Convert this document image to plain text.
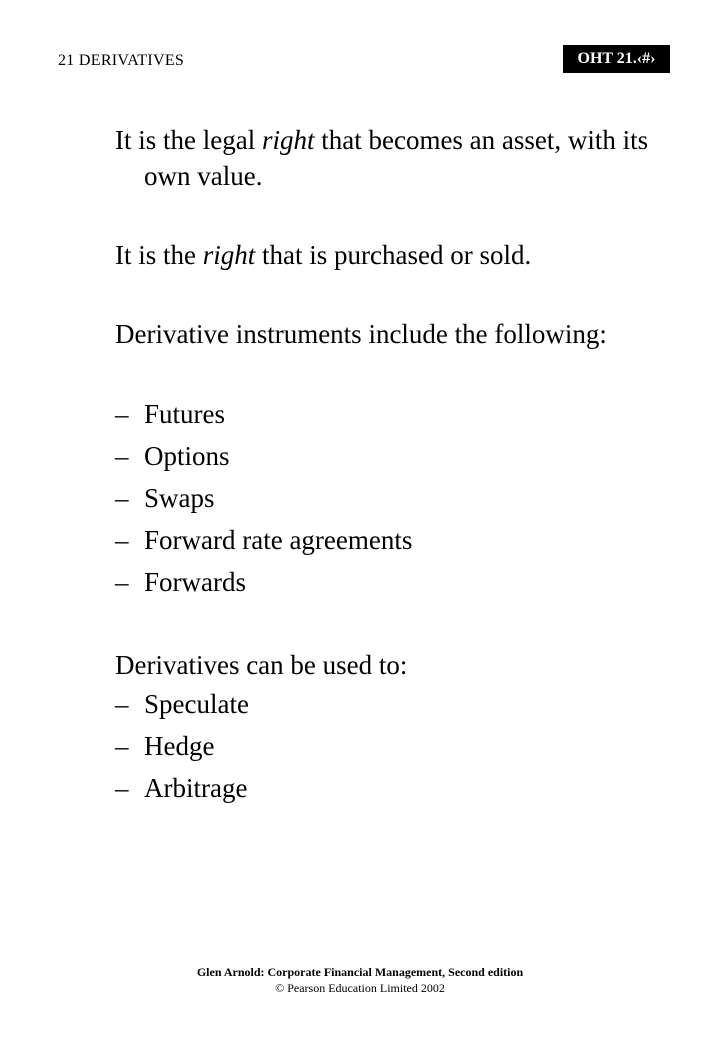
21 DERIVATIVES	OHT 21.‹#›

It is the legal right that becomes an asset, with its own value.

It is the right that is purchased or sold.

Derivative instruments include the following:

– Futures
– Options
– Swaps
– Forward rate agreements
– Forwards

Derivatives can be used to:

– Speculate
– Hedge
– Arbitrage
Glen Arnold: Corporate Financial Management, Second edition
© Pearson Education Limited 2002
